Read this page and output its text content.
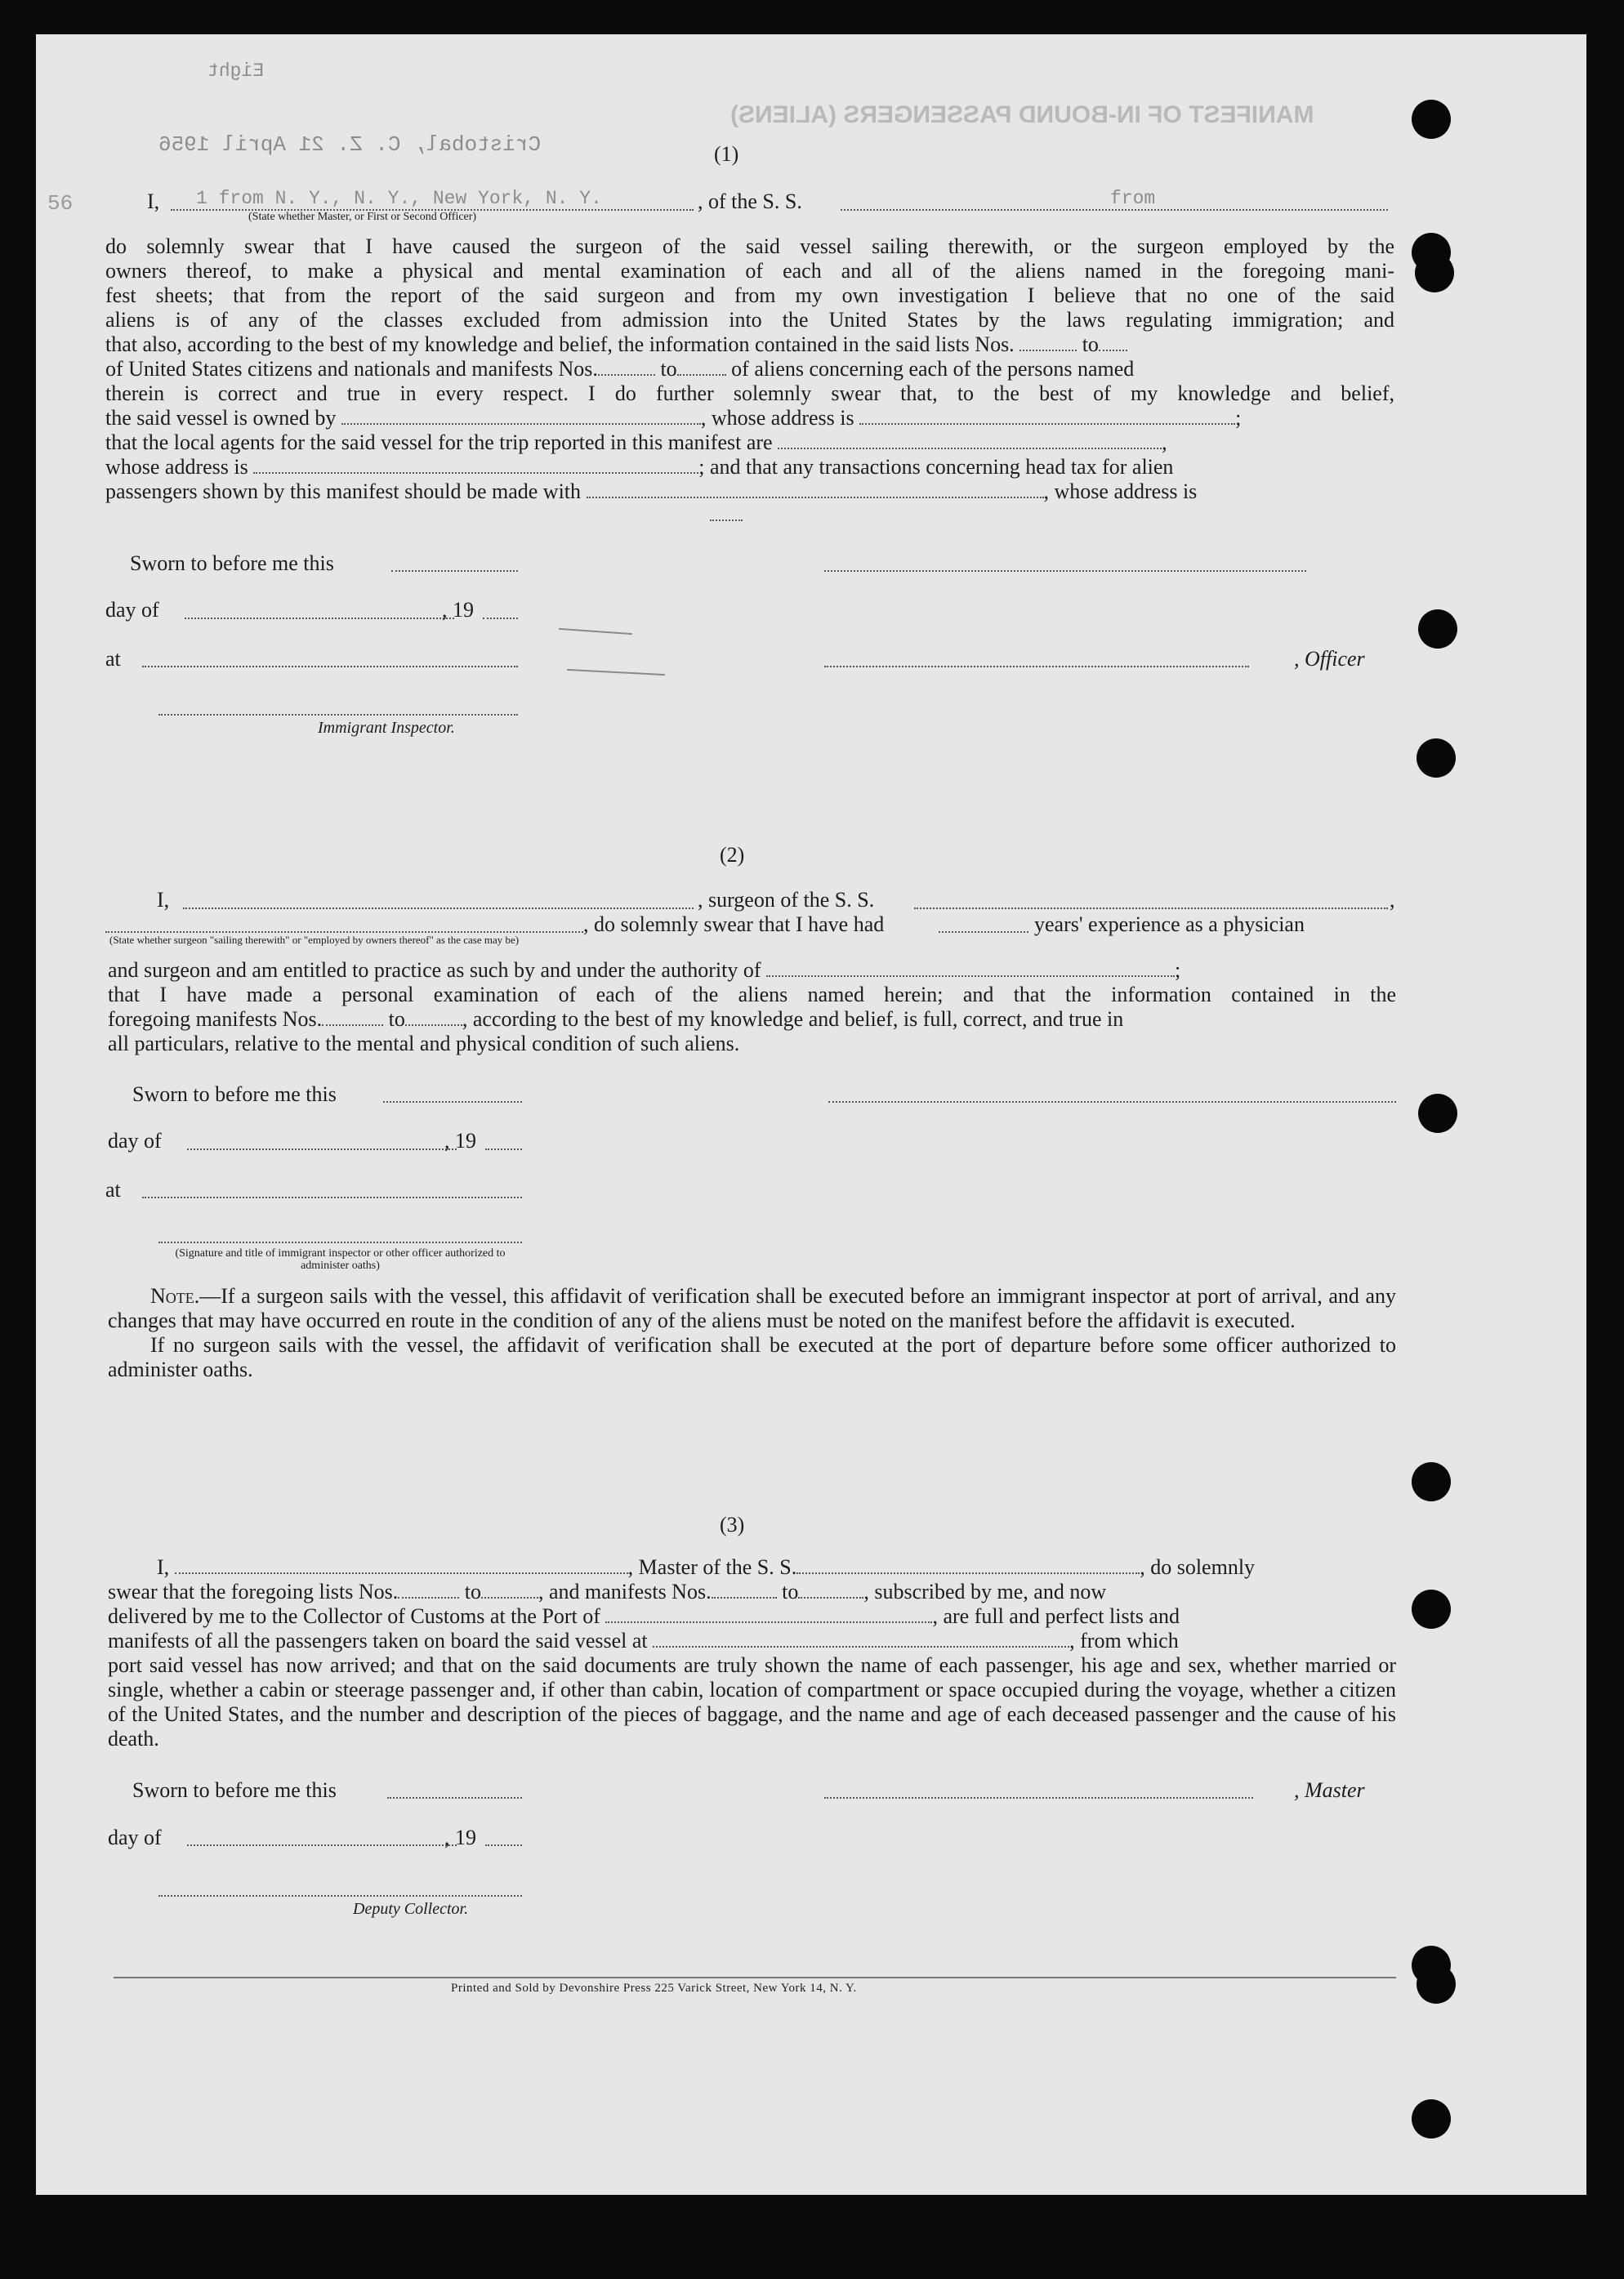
MANIFEST OF IN-BOUND PASSENGERS (ALIENS)
Eight
Cristobal, C. Z. 21 April 1956	(1)
56	I, 1 from N. Y., N. Y., New York, N. Y.	, of the S. S.	from
(State whether Master, or First or Second Officer)
do solemnly swear that I have caused the surgeon of the said vessel sailing therewith, or the surgeon employed by the
owners thereof, to make a physical and mental examination of each and all of the aliens named in the foregoing mani-
fest sheets; that from the report of the said surgeon and from my own investigation I believe that no one of the said
aliens is of any of the classes excluded from admission into the United States by the laws regulating immigration; and
that also, according to the best of my knowledge and belief, the information contained in the said lists Nos.	to
of United States citizens and nationals and manifests Nos.	to	of aliens concerning each of the persons named
therein is correct and true in every respect. I do further solemnly swear that, to the best of my knowledge and belief,
the said vessel is owned by	, whose address is	;
that the local agents for the said vessel for the trip reported in this manifest are	,
whose address is	; and that any transactions concerning head tax for alien
passengers shown by this manifest should be made with	, whose address is
Sworn to before me this
day of	, 19
at	, Officer
Immigrant Inspector.
(2)
I,	, surgeon of the S. S.	,
, do solemnly swear that I have had	years' experience as a physician
(State whether surgeon "sailing therewith" or "employed by owners thereof" as the case may be)
and surgeon and am entitled to practice as such by and under the authority of	;
that I have made a personal examination of each of the aliens named herein; and that the information contained in the
foregoing manifests Nos.	to	, according to the best of my knowledge and belief, is full, correct, and true in
all particulars, relative to the mental and physical condition of such aliens.
Sworn to before me this
day of	, 19
at
(Signature and title of immigrant inspector or other officer authorized to administer oaths)
Note.—If a surgeon sails with the vessel, this affidavit of verification shall be executed before an immigrant inspector at port of arrival, and any changes that may have occurred en route in the condition of any of the aliens must be noted on the manifest before the affidavit is executed.
If no surgeon sails with the vessel, the affidavit of verification shall be executed at the port of departure before some officer authorized to administer oaths.
(3)
I,	, Master of the S. S.	, do solemnly
swear that the foregoing lists Nos.	to	, and manifests Nos.	to	, subscribed by me, and now
delivered by me to the Collector of Customs at the Port of	, are full and perfect lists and
manifests of all the passengers taken on board the said vessel at	, from which
port said vessel has now arrived; and that on the said documents are truly shown the name of each passenger, his age and sex, whether married or single, whether a cabin or steerage passenger and, if other than cabin, location of compartment or space occupied during the voyage, whether a citizen of the United States, and the number and description of the pieces of baggage, and the name and age of each deceased passenger and the cause of his death.
Sworn to before me this	, Master
day of	, 19
Deputy Collector.
Printed and Sold by Devonshire Press 225 Varick Street, New York 14, N. Y.
